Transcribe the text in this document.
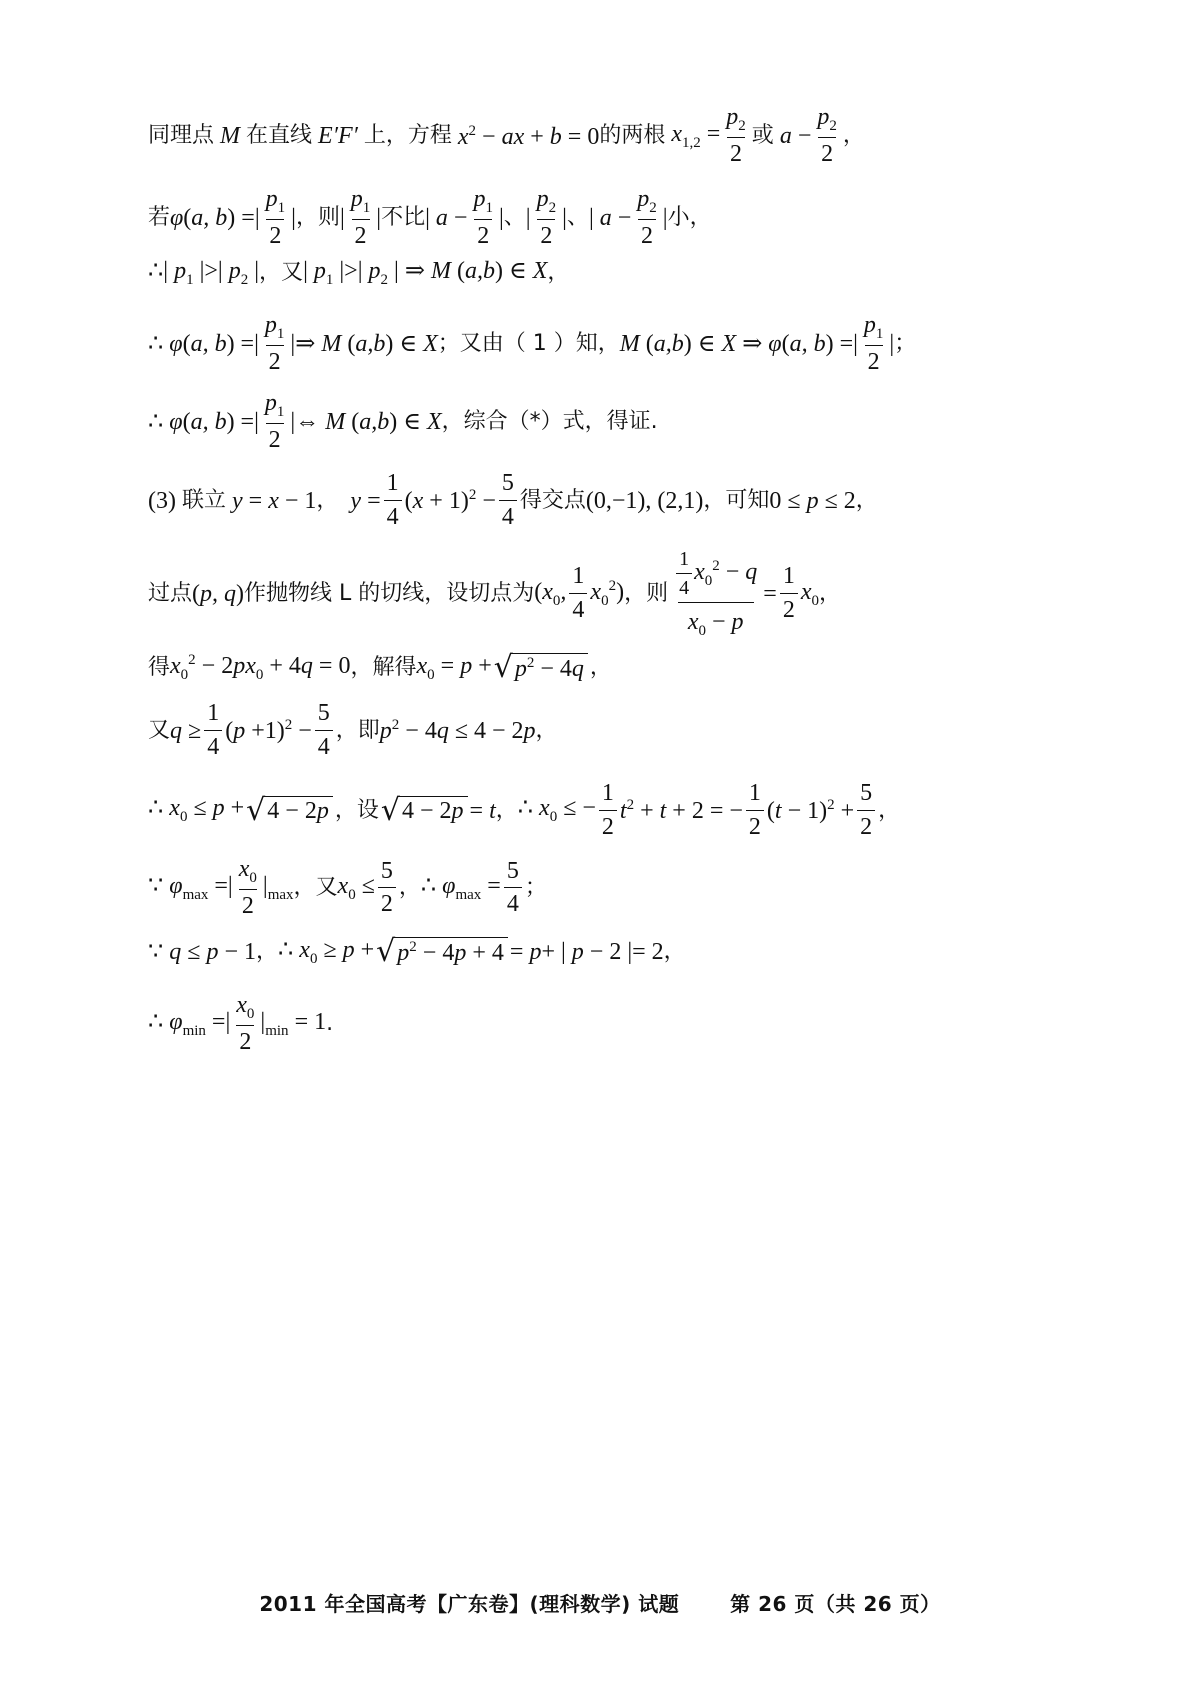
同理点 M 在直线 E′F′ 上，方程 $x^2$ − ax + b = 0 的两根 $x_{1,2} = \frac{p_2}{2}$ 或 $a - \frac{p_2}{2}$ ，
若 φ(a, b) =| $\frac{p_1}{2}$ | ，则 | $\frac{p_1}{2}$ | 不比 | $a - \frac{p_1}{2}$ | 、 | $\frac{p_2}{2}$ | 、 | $a - \frac{p_2}{2}$ | 小，
∴| $p_1$ |>| $p_2$ | ，又 | $p_1$ |>| $p_2$ | ⇒ M (a,b) ∈ X ，
∴ φ(a, b) =| $\frac{p_1}{2}$ |⇒ M (a,b) ∈ X ；又由（ 1 ）知， M (a,b) ∈ X ⇒ φ(a, b) =| $\frac{p_1}{2}$ | ；
∴ φ(a, b) =| $\frac{p_1}{2}$ |⇔ M (a,b) ∈ X ，综合（*）式，得证.
(3) 联立 y = x − 1 ， $y = \frac{1}{4} (x + 1)^2 - \frac{5}{4}$ 得交点 (0,−1), (2,1) ，可知 0 ≤ p ≤ 2 ，
过点 (p, q) 作抛物线 L 的切线，设切点为 ($x_0$, $\frac{1}{4} x_0^2$) ，则 $\frac{\frac{1}{4} x_0^2 - q}{x_0 - p} = \frac{1}{2} x_0$ ，
得 $x_0^2 - 2px_0 + 4q = 0$ ，解得 $x_0 = p$ + √ $p^2 - 4q$ ，
又 $q \ge \frac{1}{4} (p +1)^2 - \frac{5}{4}$ ，即 $p^2 - 4q \le 4 - 2p$ ，
∴ $x_0 \le p$ + √ 4 − 2p ，设 √ 4 − 2p = t ， ∴ $x_0$ ≤ − $\frac{1}{2} t^2 + t + 2$ = − $\frac{1}{2} (t - 1)^2 + \frac{5}{2}$ ，
∵ $\varphi_{max}$ =| $\frac{x_0}{2} |_{max}$ ，又 $x_0 \le \frac{5}{2}$ ， ∴ $\varphi_{max} = \frac{5}{4}$ ；
∵ q ≤ p − 1 ， ∴ $x_0 \ge p$ + √ $p^2 - 4p + 4 = p+$ | p − 2 |= 2 ，
∴ $\varphi_{min}$ =| $\frac{x_0}{2} |_{min} = 1$ .
2011 年全国高考【广东卷】(理科数学) 试题	第 26 页（共 26 页）
